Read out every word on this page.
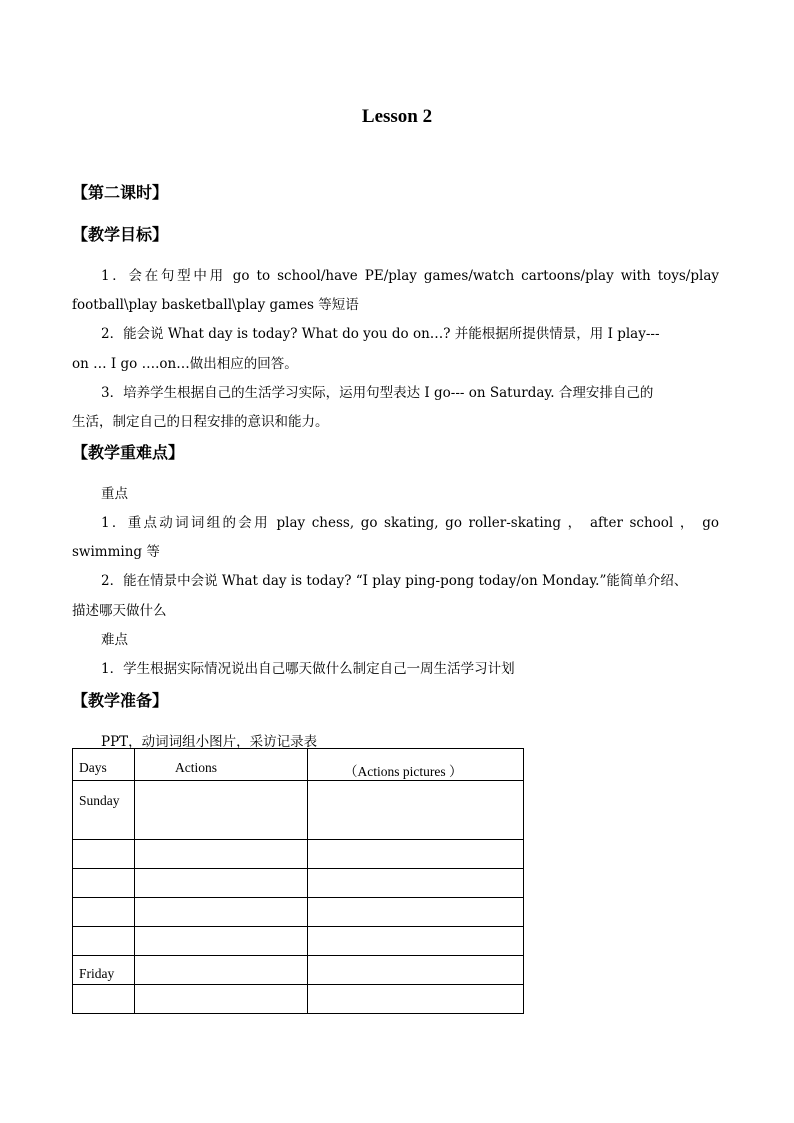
Lesson 2
【第二课时】
【教学目标】
1．会在句型中用 go to school/have PE/play games/watch cartoons/play with toys/play
football\play basketball\play games 等短语
2．能会说 What day is today? What do you do on…? 并能根据所提供情景，用 I play---
on … I go ….on…做出相应的回答。
3．培养学生根据自己的生活学习实际，运用句型表达 I go--- on Saturday. 合理安排自己的
生活，制定自己的日程安排的意识和能力。
【教学重难点】
重点
1．重点动词词组的会用 play chess, go skating, go roller-skating ， after school ， go
swimming 等
2．能在情景中会说 What day is today? “I play ping-pong today/on Monday.”能简单介绍、
描述哪天做什么
难点
1．学生根据实际情况说出自己哪天做什么制定自己一周生活学习计划
【教学准备】
PPT，动词词组小图片，采访记录表
Days	Actions	（Actions pictures ）
Sunday		

Friday		
